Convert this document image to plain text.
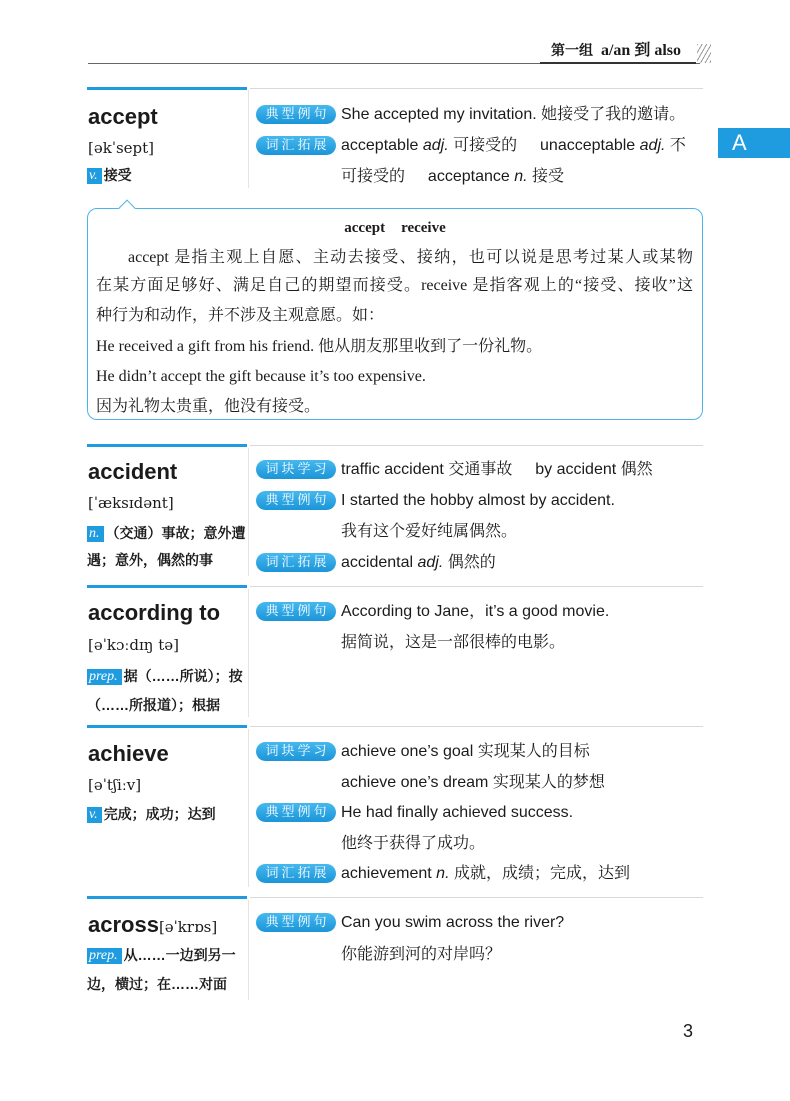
第一组 a/an 到 also
A
accept
[əkˈsept]
v. 接受
典型例句 She accepted my invitation. 她接受了我的邀请。
词汇拓展 acceptable adj. 可接受的 unacceptable adj. 不
可接受的 acceptance n. 接受
accept receive
accept 是指主观上自愿、主动去接受、接纳，也可以说是思考过某人或某物
在某方面足够好、满足自己的期望而接受。receive 是指客观上的“接受、接收”这
种行为和动作，并不涉及主观意愿。如：
He received a gift from his friend. 他从朋友那里收到了一份礼物。
He didn’t accept the gift because it’s too expensive.
因为礼物太贵重，他没有接受。
accident
[ˈæksɪdənt]
n. （交通）事故；意外遭
遇；意外，偶然的事
词块学习 traffic accident 交通事故 by accident 偶然
典型例句 I started the hobby almost by accident.
我有这个爱好纯属偶然。
词汇拓展 accidental adj. 偶然的
according to
[əˈkɔːdɪŋ tə]
prep. 据（……所说）；按
（……所报道）；根据
典型例句 According to Jane，it’s a good movie.
据简说，这是一部很棒的电影。
achieve
[əˈtʃiːv]
v. 完成；成功；达到
词块学习 achieve one’s goal 实现某人的目标
achieve one’s dream 实现某人的梦想
典型例句 He had finally achieved success.
他终于获得了成功。
词汇拓展 achievement n. 成就，成绩；完成，达到
across[əˈkrɒs]
prep. 从……一边到另一
边，横过；在……对面
典型例句 Can you swim across the river?
你能游到河的对岸吗？
3
